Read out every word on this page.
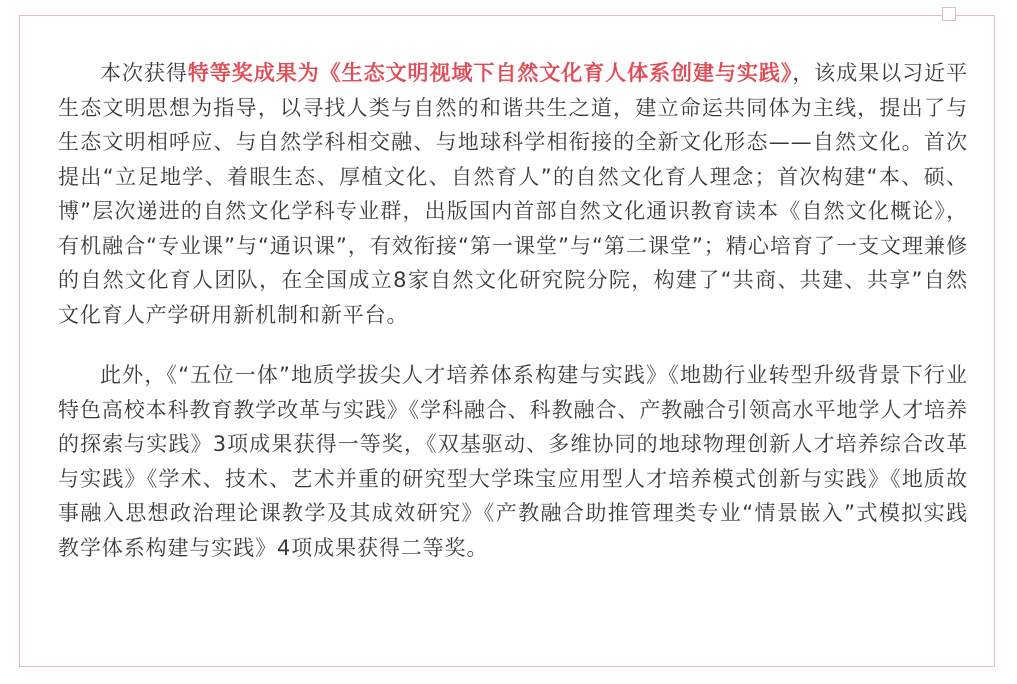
本次获得特等奖成果为《生态文明视域下自然文化育人体系创建与实践》，该成果以习近平生态文明思想为指导，以寻找人类与自然的和谐共生之道，建立命运共同体为主线，提出了与生态文明相呼应、与自然学科相交融、与地球科学相衔接的全新文化形态——自然文化。首次提出“立足地学、着眼生态、厚植文化、自然育人”的自然文化育人理念；首次构建“本、硕、博”层次递进的自然文化学科专业群，出版国内首部自然文化通识教育读本《自然文化概论》，有机融合“专业课”与“通识课”，有效衔接“第一课堂”与“第二课堂”；精心培育了一支文理兼修的自然文化育人团队，在全国成立8家自然文化研究院分院，构建了“共商、共建、共享”自然文化育人产学研用新机制和新平台。

此外，《“五位一体”地质学拔尖人才培养体系构建与实践》《地勘行业转型升级背景下行业特色高校本科教育教学改革与实践》《学科融合、科教融合、产教融合引领高水平地学人才培养的探索与实践》3项成果获得一等奖，《双基驱动、多维协同的地球物理创新人才培养综合改革与实践》《学术、技术、艺术并重的研究型大学珠宝应用型人才培养模式创新与实践》《地质故事融入思想政治理论课教学及其成效研究》《产教融合助推管理类专业“情景嵌入”式模拟实践教学体系构建与实践》4项成果获得二等奖。
